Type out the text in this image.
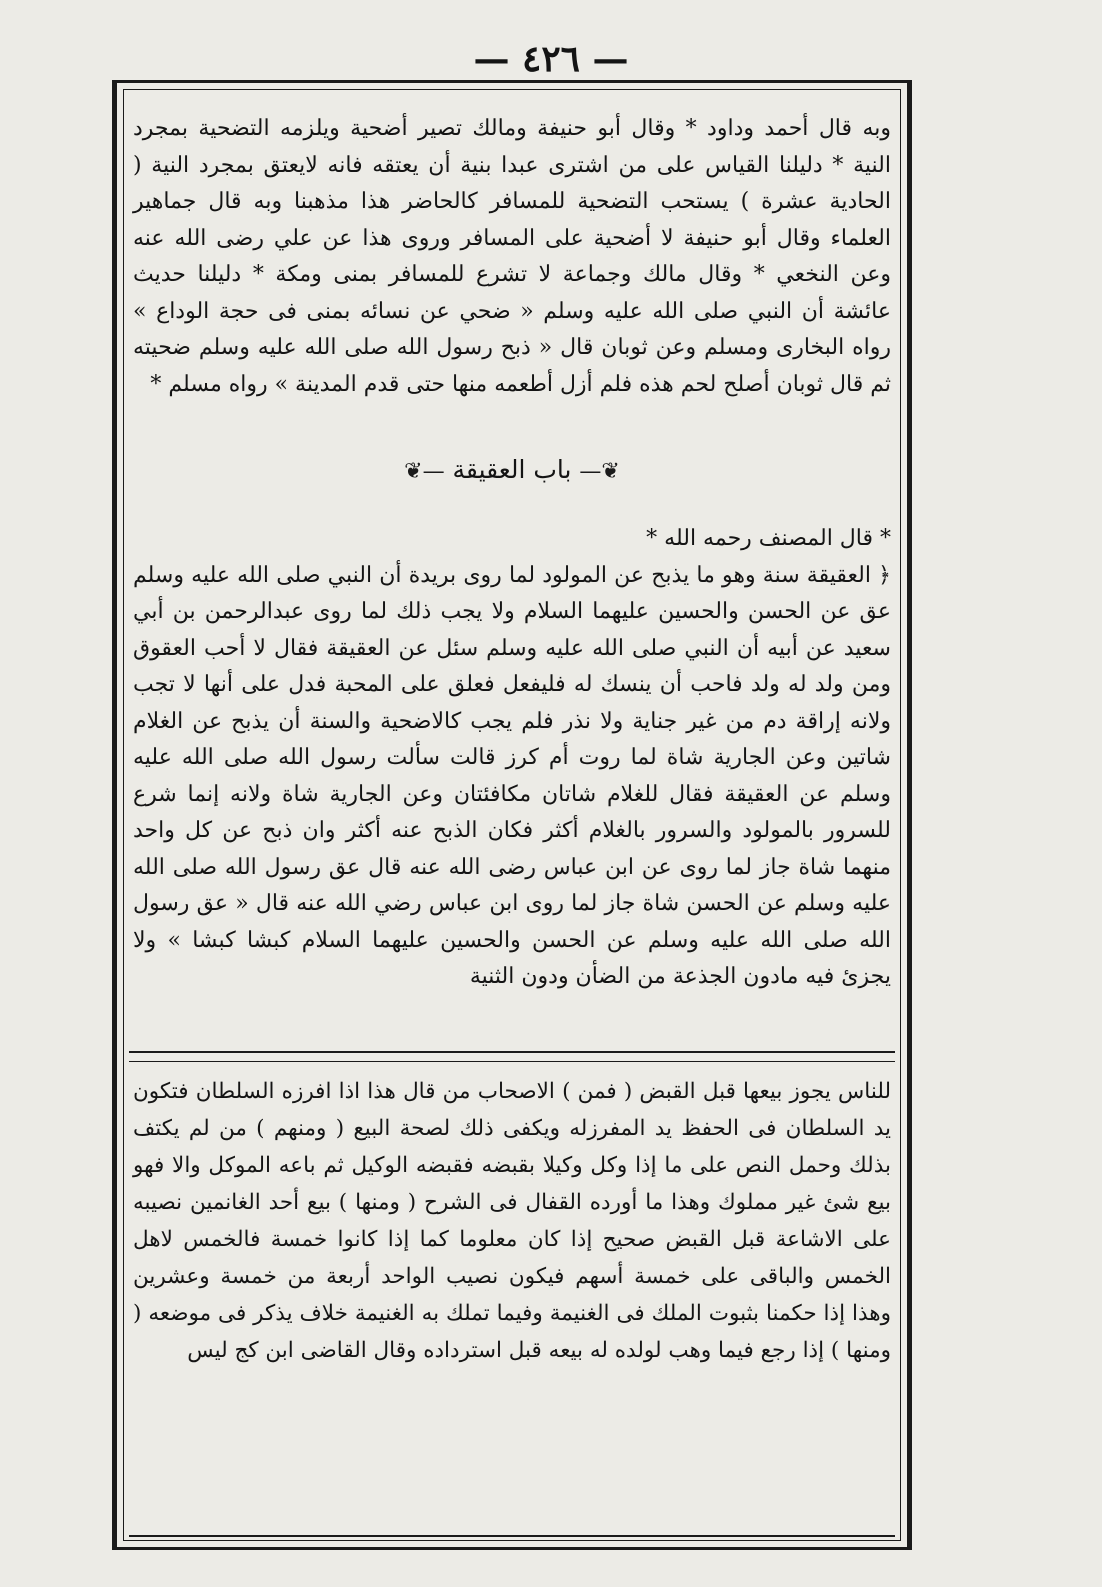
— ٤٢٦ —

وبه قال أحمد وداود * وقال أبو حنيفة ومالك تصير أضحية ويلزمه التضحية بمجرد النية * دليلنا القياس على من اشترى عبدا بنية أن يعتقه فانه لايعتق بمجرد النية ( الحادية عشرة ) يستحب التضحية للمسافر كالحاضر هذا مذهبنا وبه قال جماهير العلماء وقال أبو حنيفة لا أضحية على المسافر وروى هذا عن علي رضى الله عنه وعن النخعي * وقال مالك وجماعة لا تشرع للمسافر بمنى ومكة * دليلنا حديث عائشة أن النبي صلى الله عليه وسلم « ضحي عن نسائه بمنى فى حجة الوداع » رواه البخارى ومسلم وعن ثوبان قال « ذبح رسول الله صلى الله عليه وسلم ضحيته ثم قال ثوبان أصلح لحم هذه فلم أزل أطعمه منها حتى قدم المدينة » رواه مسلم *

❦— باب العقيقة —❦

* قال المصنف رحمه الله *

﴿ العقيقة سنة وهو ما يذبح عن المولود لما روى بريدة أن النبي صلى الله عليه وسلم عق عن الحسن والحسين عليهما السلام ولا يجب ذلك لما روى عبدالرحمن بن أبي سعيد عن أبيه أن النبي صلى الله عليه وسلم سئل عن العقيقة فقال لا أحب العقوق ومن ولد له ولد فاحب أن ينسك له فليفعل فعلق على المحبة فدل على أنها لا تجب ولانه إراقة دم من غير جناية ولا نذر فلم يجب كالاضحية والسنة أن يذبح عن الغلام شاتين وعن الجارية شاة لما روت أم كرز قالت سألت رسول الله صلى الله عليه وسلم عن العقيقة فقال للغلام شاتان مكافئتان وعن الجارية شاة ولانه إنما شرع للسرور بالمولود والسرور بالغلام أكثر فكان الذبح عنه أكثر وان ذبح عن كل واحد منهما شاة جاز لما روى عن ابن عباس رضى الله عنه قال عق رسول الله صلى الله عليه وسلم عن الحسن شاة جاز لما روى ابن عباس رضي الله عنه قال « عق رسول الله صلى الله عليه وسلم عن الحسن والحسين عليهما السلام كبشا كبشا » ولا يجزئ فيه مادون الجذعة من الضأن ودون الثنية

للناس يجوز بيعها قبل القبض ( فمن ) الاصحاب من قال هذا اذا افرزه السلطان فتكون يد السلطان فى الحفظ يد المفرزله ويكفى ذلك لصحة البيع ( ومنهم ) من لم يكتف بذلك وحمل النص على ما إذا وكل وكيلا بقبضه فقبضه الوكيل ثم باعه الموكل والا فهو بيع شئ غير مملوك وهذا ما أورده القفال فى الشرح ( ومنها ) بيع أحد الغانمين نصيبه على الاشاعة قبل القبض صحيح إذا كان معلوما كما إذا كانوا خمسة فالخمس لاهل الخمس والباقى على خمسة أسهم فيكون نصيب الواحد أربعة من خمسة وعشرين وهذا إذا حكمنا بثبوت الملك فى الغنيمة وفيما تملك به الغنيمة خلاف يذكر فى موضعه ( ومنها ) إذا رجع فيما وهب لولده له بيعه قبل استرداده وقال القاضى ابن كج ليس
